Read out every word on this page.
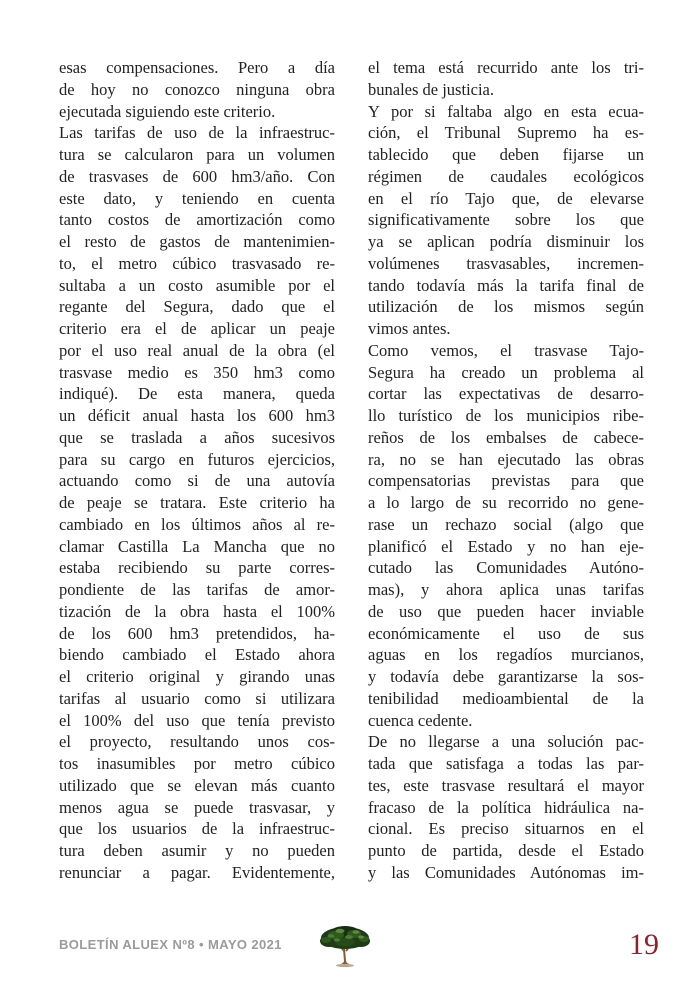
esas compensaciones. Pero a día
de hoy no conozco ninguna obra
ejecutada siguiendo este criterio.
Las tarifas de uso de la infraestruc-
tura se calcularon para un volumen
de trasvases de 600 hm3/año. Con
este dato, y teniendo en cuenta
tanto costos de amortización como
el resto de gastos de mantenimien-
to, el metro cúbico trasvasado re-
sultaba a un costo asumible por el
regante del Segura, dado que el
criterio era el de aplicar un peaje
por el uso real anual de la obra (el
trasvase medio es 350 hm3 como
indiqué). De esta manera, queda
un déficit anual hasta los 600 hm3
que se traslada a años sucesivos
para su cargo en futuros ejercicios,
actuando como si de una autovía
de peaje se tratara. Este criterio ha
cambiado en los últimos años al re-
clamar Castilla La Mancha que no
estaba recibiendo su parte corres-
pondiente de las tarifas de amor-
tización de la obra hasta el 100%
de los 600 hm3 pretendidos, ha-
biendo cambiado el Estado ahora
el criterio original y girando unas
tarifas al usuario como si utilizara
el 100% del uso que tenía previsto
el proyecto, resultando unos cos-
tos inasumibles por metro cúbico
utilizado que se elevan más cuanto
menos agua se puede trasvasar, y
que los usuarios de la infraestruc-
tura deben asumir y no pueden
renunciar a pagar. Evidentemente,
el tema está recurrido ante los tri-
bunales de justicia.
Y por si faltaba algo en esta ecua-
ción, el Tribunal Supremo ha es-
tablecido que deben fijarse un
régimen de caudales ecológicos
en el río Tajo que, de elevarse
significativamente sobre los que
ya se aplican podría disminuir los
volúmenes trasvasables, incremen-
tando todavía más la tarifa final de
utilización de los mismos según
vimos antes.
Como vemos, el trasvase Tajo-
Segura ha creado un problema al
cortar las expectativas de desarro-
llo turístico de los municipios ribe-
reños de los embalses de cabece-
ra, no se han ejecutado las obras
compensatorias previstas para que
a lo largo de su recorrido no gene-
rase un rechazo social (algo que
planificó el Estado y no han eje-
cutado las Comunidades Autóno-
mas), y ahora aplica unas tarifas
de uso que pueden hacer inviable
económicamente el uso de sus
aguas en los regadíos murcianos,
y todavía debe garantizarse la sos-
tenibilidad medioambiental de la
cuenca cedente.
De no llegarse a una solución pac-
tada que satisfaga a todas las par-
tes, este trasvase resultará el mayor
fracaso de la política hidráulica na-
cional. Es preciso situarnos en el
punto de partida, desde el Estado
y las Comunidades Autónomas im-
BOLETÍN ALUEX Nº8 • MAYO 2021	19
